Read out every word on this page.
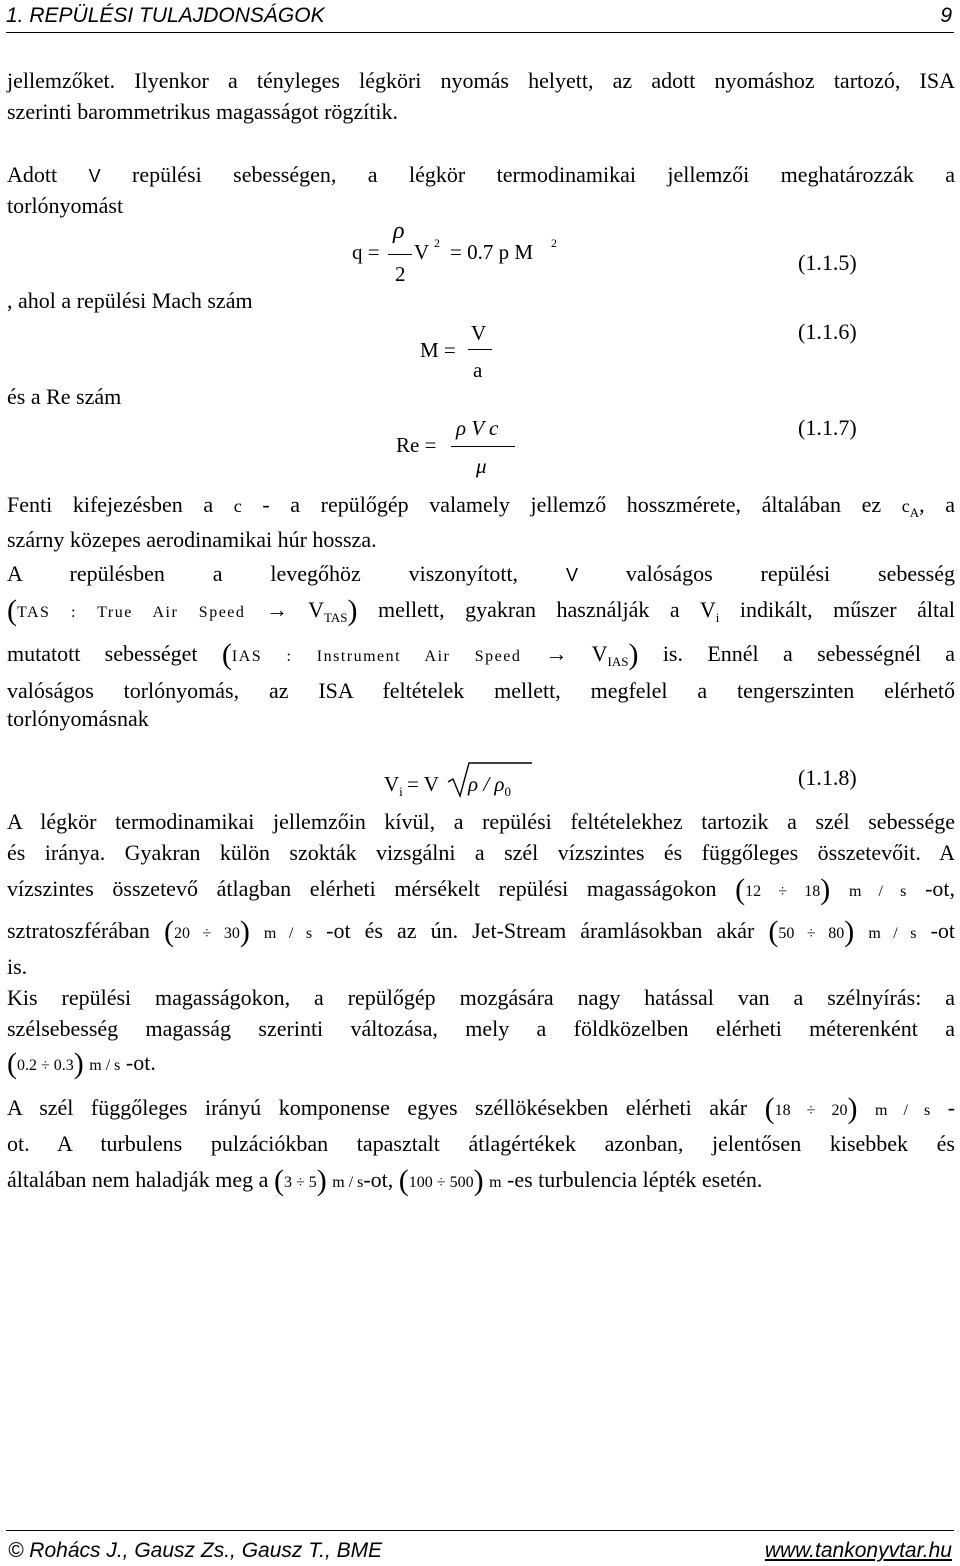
1. REPÜLÉSI TULAJDONSÁGOK	9
jellemzőket. Ilyenkor a tényleges légköri nyomás helyett, az adott nyomáshoz tartozó, ISA
szerinti barommetrikus magasságot rögzítik.
Adott V repülési sebességen, a légkör termodinamikai jellemzői meghatározzák a
torlónyomást
q =
ρ
2
V 2 = 0.7 p M 2
(1.1.5)
, ahol a repülési Mach szám
M =
V
a
(1.1.6)
és a Re szám
Re =
ρ V c
μ
(1.1.7)
Fenti kifejezésben a c - a repülőgép valamely jellemző hosszmérete, általában ez $c_A$, a
szárny közepes aerodinamikai húr hossza.
A repülésben a levegőhöz viszonyított,	V valóságos repülési sebesség
(TAS : True Air Speed → $V_{TAS}$) mellett, gyakran használják a $V_i$ indikált, műszer által
mutatott sebességet (IAS : Instrument Air Speed → $V_{IAS}$) is. Ennél a sebességnél a
valóságos torlónyomás, az ISA feltételek mellett, megfelel a tengerszinten elérhető
torlónyomásnak
$V_i = V$ ρ / $\rho_0$
(1.1.8)
A légkör termodinamikai jellemzőin kívül, a repülési feltételekhez tartozik a szél sebessége
és iránya. Gyakran külön szokták vizsgálni a szél vízszintes és függőleges összetevőit. A
vízszintes összetevő átlagban elérheti mérsékelt repülési magasságokon (12 ÷ 18) m / s -ot,
sztratoszférában (20 ÷ 30) m / s -ot és az ún. Jet-Stream áramlásokban akár (50 ÷ 80) m / s -ot
is.
Kis repülési magasságokon, a repülőgép mozgására nagy hatással van a szélnyírás: a
szélsebesség magasság szerinti változása, mely a földközelben elérheti méterenként a
(0.2 ÷ 0.3) m / s -ot.
A szél függőleges irányú komponense egyes széllökésekben elérheti akár (18 ÷ 20) m / s -
ot. A turbulens pulzációkban tapasztalt átlagértékek azonban, jelentősen kisebbek és
általában nem haladják meg a (3 ÷ 5) m / s-ot, (100 ÷ 500) m -es turbulencia lépték esetén.
© Rohács J., Gausz Zs., Gausz T., BME	www.tankonyvtar.hu
